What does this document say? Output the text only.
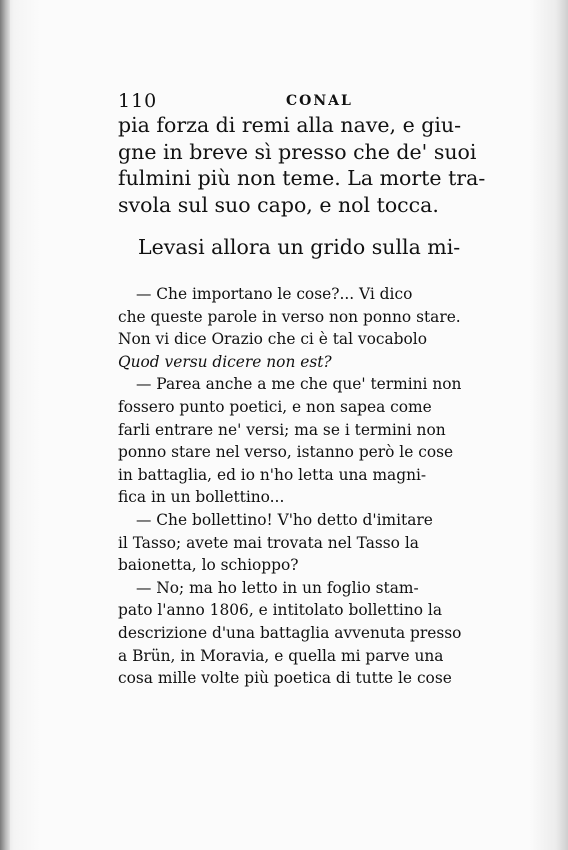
110	CONAL
pia forza di remi alla nave, e giu-
gne in breve sì presso che de' suoi
fulmini più non teme. La morte tra-
svola sul suo capo, e nol tocca.
Levasi allora un grido sulla mi-
— Che importano le cose?... Vi dico
che queste parole in verso non ponno stare.
Non vi dice Orazio che ci è tal vocabolo
Quod versu dicere non est?
— Parea anche a me che que' termini non
fossero punto poetici, e non sapea come
farli entrare ne' versi; ma se i termini non
ponno stare nel verso, istanno però le cose
in battaglia, ed io n'ho letta una magni-
fica in un bollettino...
— Che bollettino! V'ho detto d'imitare
il Tasso; avete mai trovata nel Tasso la
baionetta, lo schioppo?
— No; ma ho letto in un foglio stam-
pato l'anno 1806, e intitolato bollettino la
descrizione d'una battaglia avvenuta presso
a Brün, in Moravia, e quella mi parve una
cosa mille volte più poetica di tutte le cose
